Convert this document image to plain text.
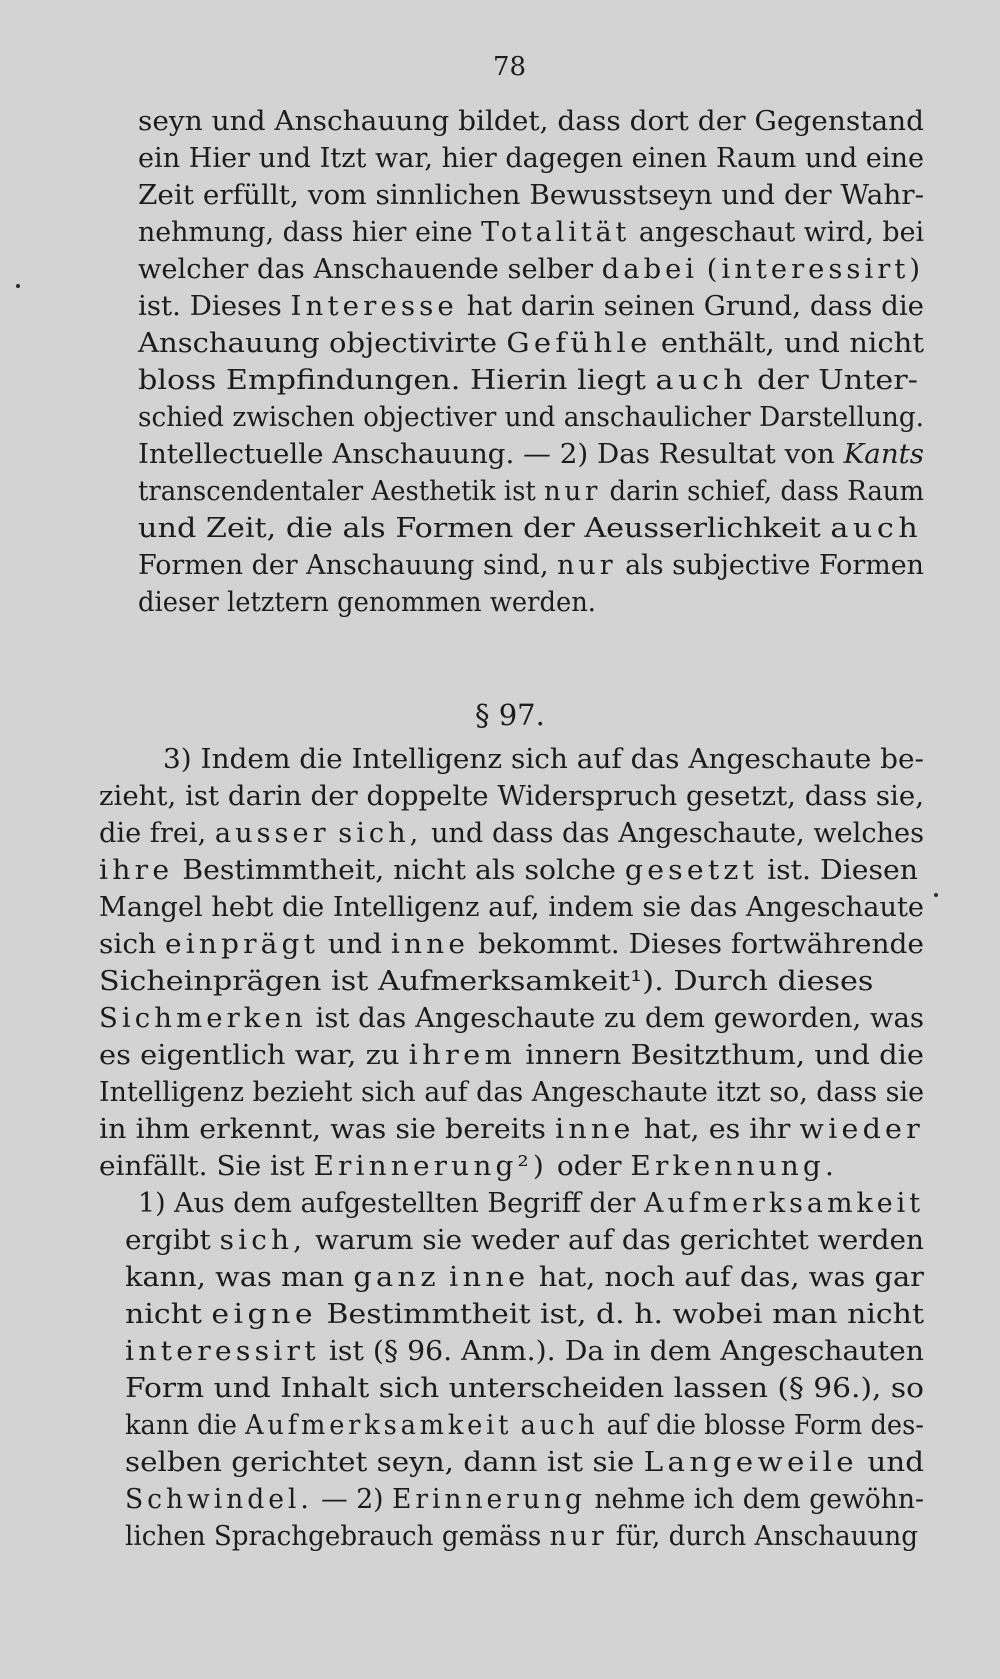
78
§ 97.
seyn und Anschauung bildet, dass dort der Gegenstand
ein Hier und Itzt war, hier dagegen einen Raum und eine
Zeit erfüllt, vom sinnlichen Bewusstseyn und der Wahr-
nehmung, dass hier eine Totalität angeschaut wird, bei
welcher das Anschauende selber dabei (interessirt)
ist. Dieses Interesse hat darin seinen Grund, dass die
Anschauung objectivirte Gefühle enthält, und nicht
bloss Empfindungen. Hierin liegt auch der Unter-
schied zwischen objectiver und anschaulicher Darstellung.
Intellectuelle Anschauung. — 2) Das Resultat von Kants
transcendentaler Aesthetik ist nur darin schief, dass Raum
und Zeit, die als Formen der Aeusserlichkeit auch
Formen der Anschauung sind, nur als subjective Formen
dieser letztern genommen werden.
3) Indem die Intelligenz sich auf das Angeschaute be-
zieht, ist darin der doppelte Widerspruch gesetzt, dass sie,
die frei, ausser sich, und dass das Angeschaute, welches
ihre Bestimmtheit, nicht als solche gesetzt ist. Diesen
Mangel hebt die Intelligenz auf, indem sie das Angeschaute
sich einprägt und inne bekommt. Dieses fortwährende
Sicheinprägen ist Aufmerksamkeit¹). Durch dieses
Sichmerken ist das Angeschaute zu dem geworden, was
es eigentlich war, zu ihrem innern Besitzthum, und die
Intelligenz bezieht sich auf das Angeschaute itzt so, dass sie
in ihm erkennt, was sie bereits inne hat, es ihr wieder
einfällt. Sie ist Erinnerung²) oder Erkennung.
1) Aus dem aufgestellten Begriff der Aufmerksamkeit
ergibt sich, warum sie weder auf das gerichtet werden
kann, was man ganz inne hat, noch auf das, was gar
nicht eigne Bestimmtheit ist, d. h. wobei man nicht
interessirt ist (§ 96. Anm.). Da in dem Angeschauten
Form und Inhalt sich unterscheiden lassen (§ 96.), so
kann die Aufmerksamkeit auch auf die blosse Form des-
selben gerichtet seyn, dann ist sie Langeweile und
Schwindel. — 2) Erinnerung nehme ich dem gewöhn-
lichen Sprachgebrauch gemäss nur für, durch Anschauung
